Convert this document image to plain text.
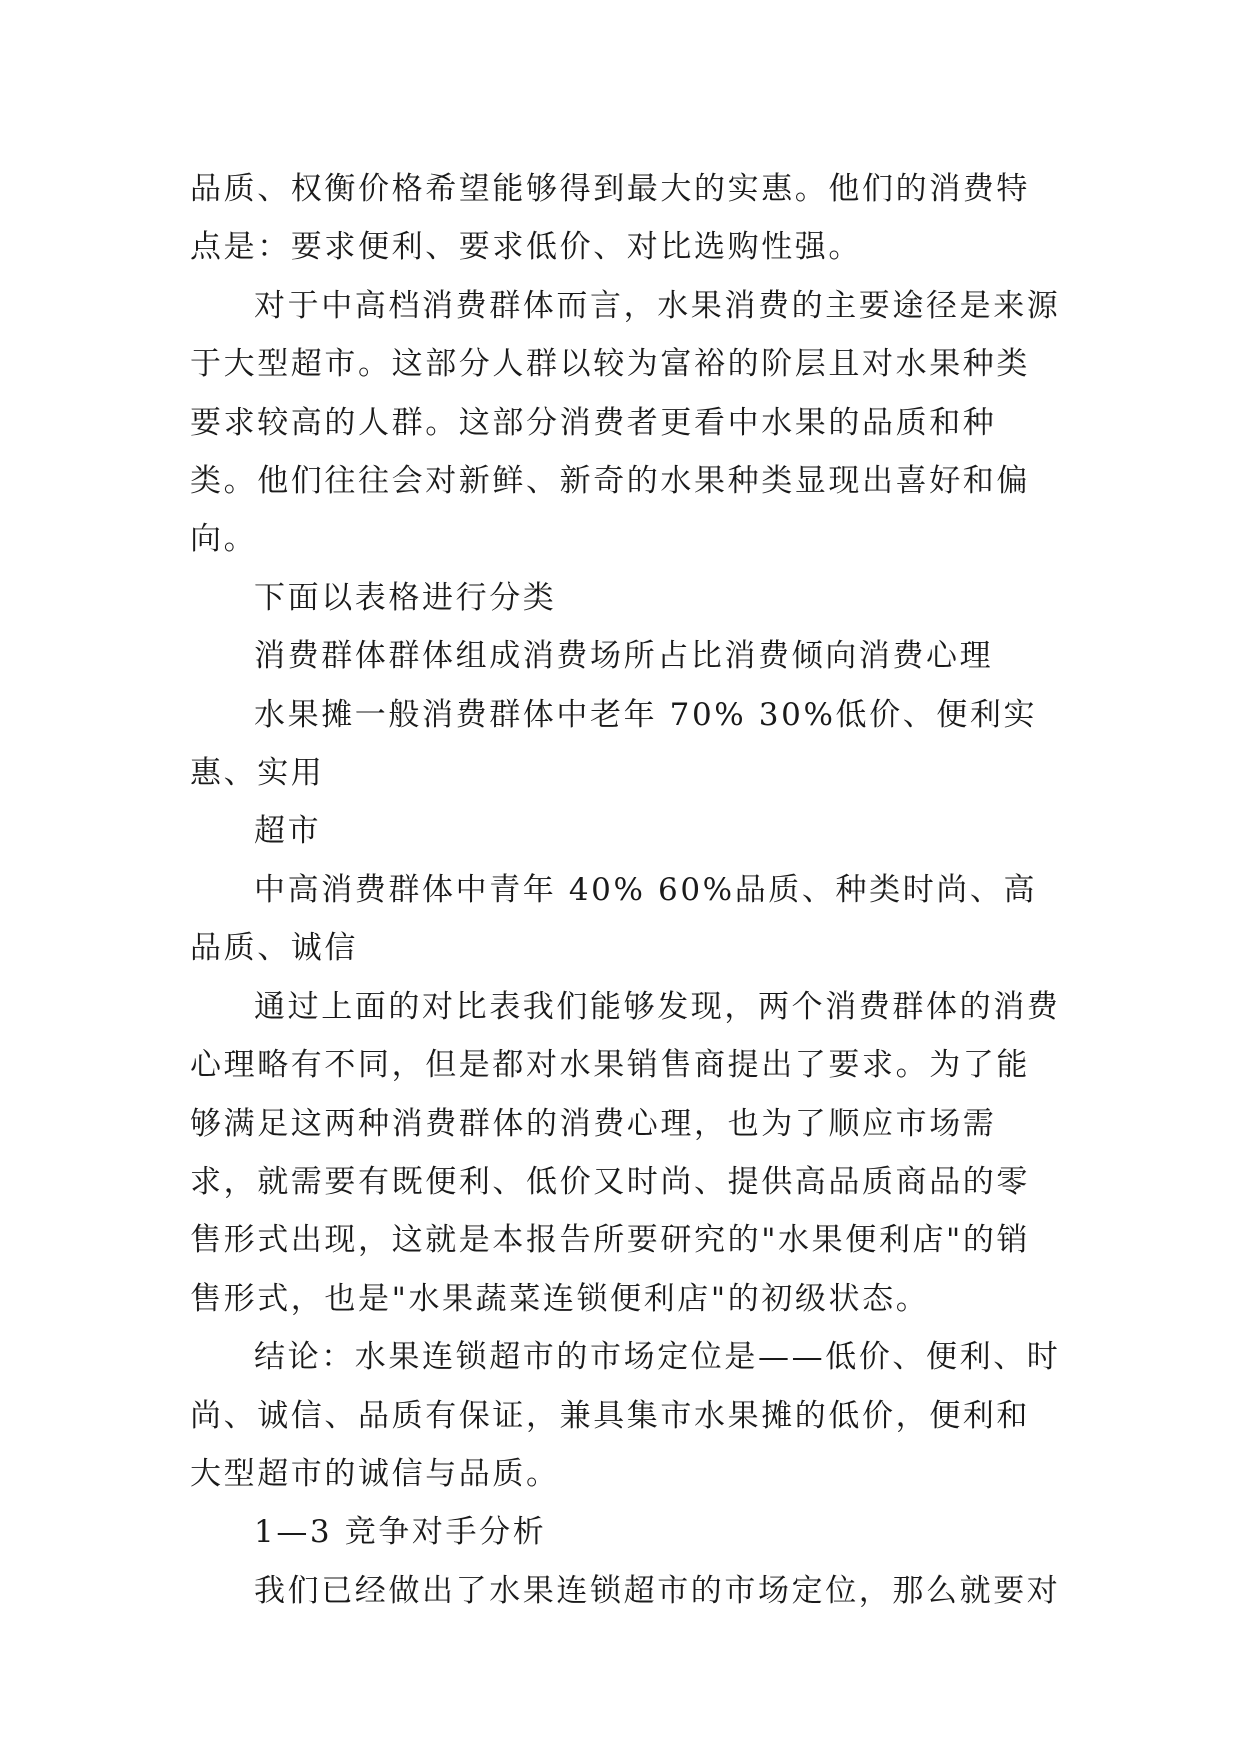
品质、权衡价格希望能够得到最大的实惠。他们的消费特点是：要求便利、要求低价、对比选购性强。

对于中高档消费群体而言，水果消费的主要途径是来源于大型超市。这部分人群以较为富裕的阶层且对水果种类要求较高的人群。这部分消费者更看中水果的品质和种类。他们往往会对新鲜、新奇的水果种类显现出喜好和偏向。

下面以表格进行分类

消费群体群体组成消费场所占比消费倾向消费心理

水果摊一般消费群体中老年 70% 30%低价、便利实惠、实用

超市

中高消费群体中青年 40% 60%品质、种类时尚、高品质、诚信

通过上面的对比表我们能够发现，两个消费群体的消费心理略有不同，但是都对水果销售商提出了要求。为了能够满足这两种消费群体的消费心理，也为了顺应市场需求，就需要有既便利、低价又时尚、提供高品质商品的零售形式出现，这就是本报告所要研究的"水果便利店"的销售形式，也是"水果蔬菜连锁便利店"的初级状态。

结论：水果连锁超市的市场定位是——低价、便利、时尚、诚信、品质有保证，兼具集市水果摊的低价，便利和大型超市的诚信与品质。

1—3 竞争对手分析

我们已经做出了水果连锁超市的市场定位，那么就要对
